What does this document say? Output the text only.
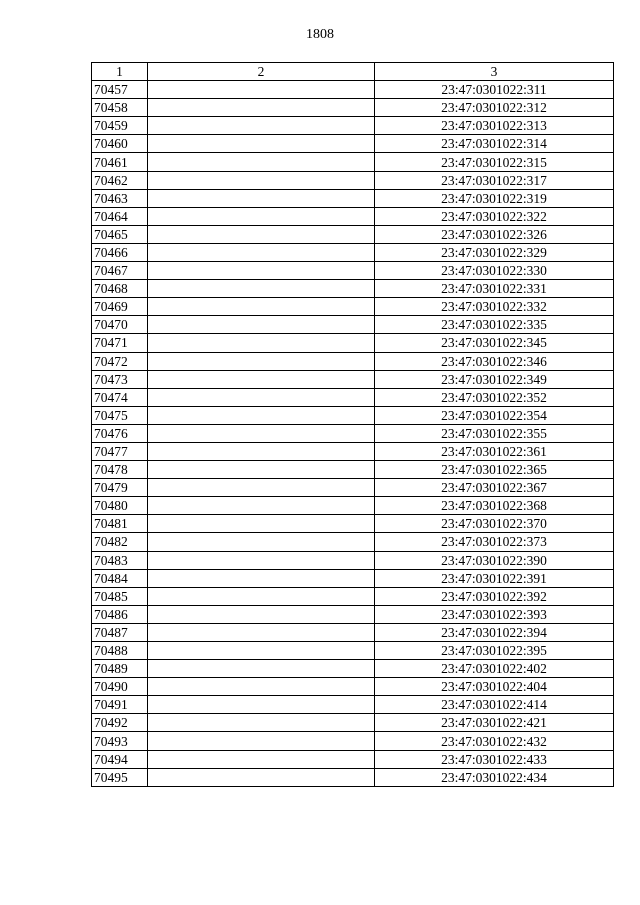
1808
1	2	3
70457		23:47:0301022:311
70458		23:47:0301022:312
70459		23:47:0301022:313
70460		23:47:0301022:314
70461		23:47:0301022:315
70462		23:47:0301022:317
70463		23:47:0301022:319
70464		23:47:0301022:322
70465		23:47:0301022:326
70466		23:47:0301022:329
70467		23:47:0301022:330
70468		23:47:0301022:331
70469		23:47:0301022:332
70470		23:47:0301022:335
70471		23:47:0301022:345
70472		23:47:0301022:346
70473		23:47:0301022:349
70474		23:47:0301022:352
70475		23:47:0301022:354
70476		23:47:0301022:355
70477		23:47:0301022:361
70478		23:47:0301022:365
70479		23:47:0301022:367
70480		23:47:0301022:368
70481		23:47:0301022:370
70482		23:47:0301022:373
70483		23:47:0301022:390
70484		23:47:0301022:391
70485		23:47:0301022:392
70486		23:47:0301022:393
70487		23:47:0301022:394
70488		23:47:0301022:395
70489		23:47:0301022:402
70490		23:47:0301022:404
70491		23:47:0301022:414
70492		23:47:0301022:421
70493		23:47:0301022:432
70494		23:47:0301022:433
70495		23:47:0301022:434
